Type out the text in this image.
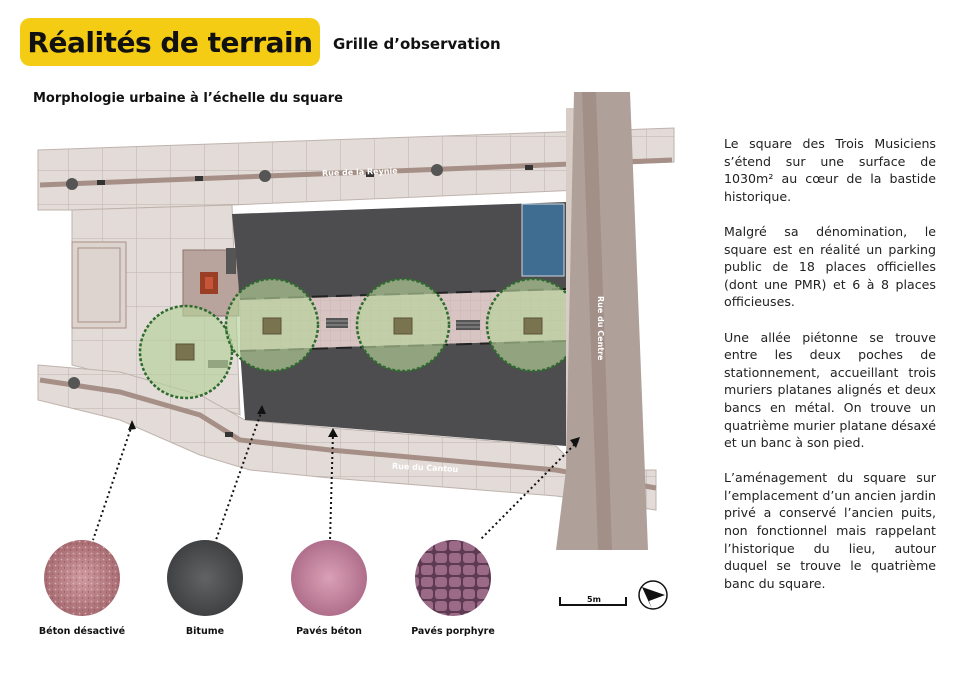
Réalités de terrain Grille d’observation
Morphologie urbaine à l’échelle du square
Rue de la Reynie
Rue du Cantou
Rue du Centre
5m
Béton désactivé	Bitume	Pavés béton	Pavés porphyre

Le square des Trois Musiciens s’étend sur une surface de 1030m² au cœur de la bastide historique.

Malgré sa dénomination, le square est en réalité un parking public de 18 places officielles (dont une PMR) et 6 à 8 places officieuses.

Une allée piétonne se trouve entre les deux poches de stationnement, accueillant trois muriers platanes alignés et deux bancs en métal. On trouve un quatrième murier platane désaxé et un banc à son pied.

L’aménagement du square sur l’emplacement d’un ancien jardin privé a conservé l’ancien puits, non fonctionnel mais rappelant l’historique du lieu, autour duquel se trouve le quatrième banc du square.
